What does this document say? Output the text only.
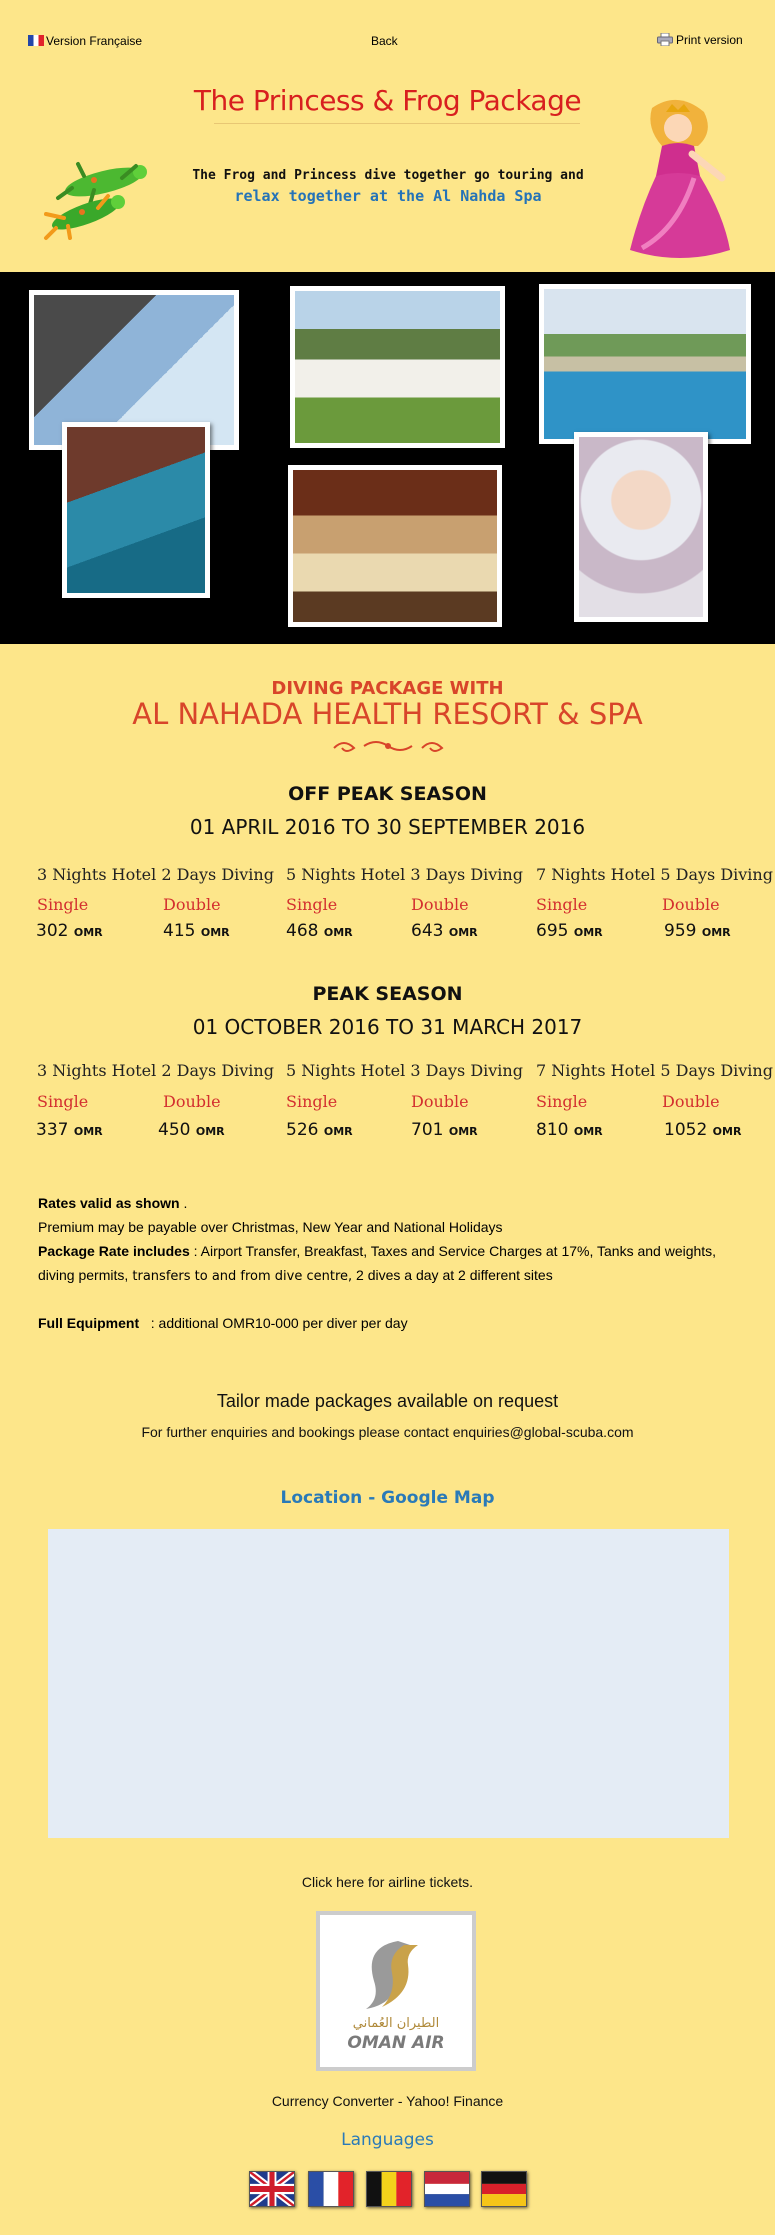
Version Française	Back	Print version
The Princess & Frog Package
The Frog and Princess dive together go touring and
relax together at the Al Nahda Spa
DIVING PACKAGE WITH
AL NAHADA HEALTH RESORT & SPA
OFF PEAK SEASON
01 APRIL 2016 TO 30 SEPTEMBER 2016
3 Nights Hotel 2 Days Diving 5 Nights Hotel 3 Days Diving 7 Nights Hotel 5 Days Diving
Single	Double	Single	Double	Single	Double
302 OMR	415 OMR	468 OMR	643 OMR	695 OMR	959 OMR
PEAK SEASON
01 OCTOBER 2016 TO 31 MARCH 2017
3 Nights Hotel 2 Days Diving 5 Nights Hotel 3 Days Diving 7 Nights Hotel 5 Days Diving
Single	Double	Single	Double	Single	Double
337 OMR	450 OMR	526 OMR	701 OMR	810 OMR	1052 OMR
Rates valid as shown .
Premium may be payable over Christmas, New Year and National Holidays
Package Rate includes : Airport Transfer, Breakfast, Taxes and Service Charges at 17%, Tanks and weights,
diving permits, transfers to and from dive centre, 2 dives a day at 2 different sites
Full Equipment : additional OMR10-000 per diver per day
Tailor made packages available on request
For further enquiries and bookings please contact enquiries@global-scuba.com
Location - Google Map
Click here for airline tickets.
الطيران العُماني
OMAN AIR
Currency Converter - Yahoo! Finance
Languages
